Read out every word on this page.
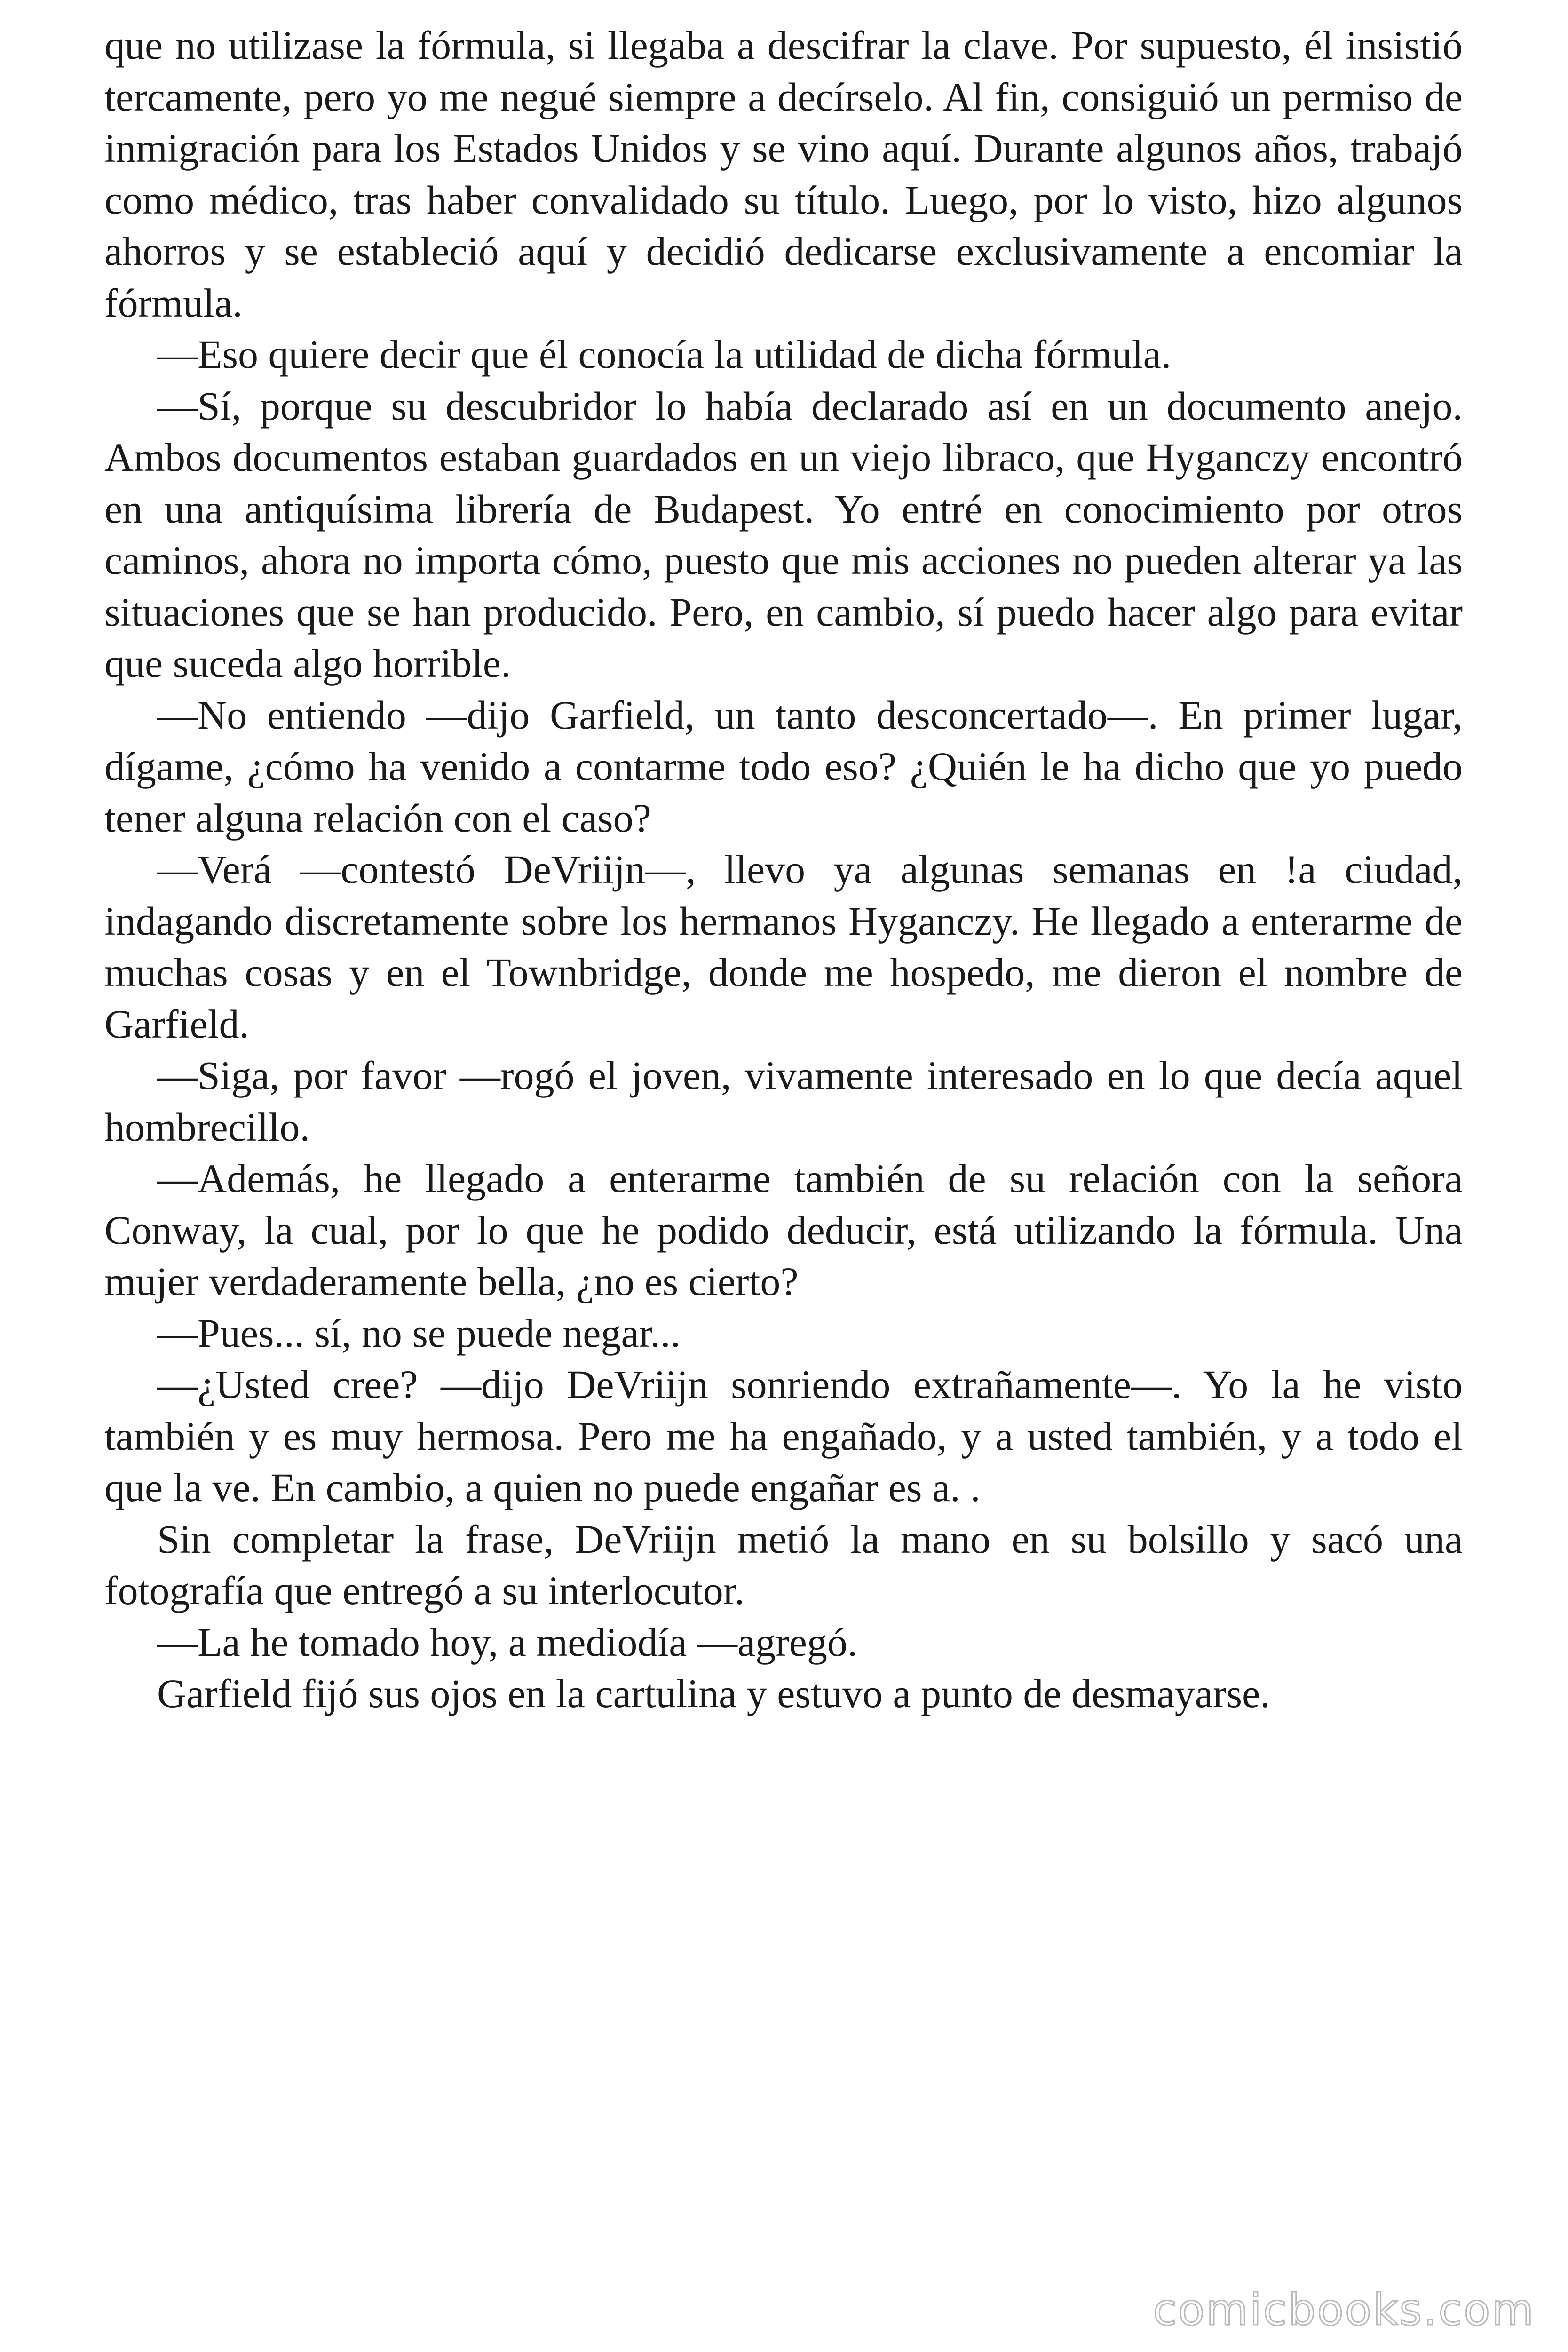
que no utilizase la fórmula, si llegaba a descifrar la clave. Por supuesto, él insistió tercamente, pero yo me negué siempre a decírselo. Al fin, consiguió un permiso de inmigración para los Estados Unidos y se vino aquí. Durante algunos años, trabajó como médico, tras haber convalidado su título. Luego, por lo visto, hizo algunos ahorros y se estableció aquí y decidió dedicarse exclusivamente a encomiar la fórmula.

—Eso quiere decir que él conocía la utilidad de dicha fórmula.

—Sí, porque su descubridor lo había declarado así en un documento anejo. Ambos documentos estaban guardados en un viejo libraco, que Hyganczy encontró en una antiquísima librería de Budapest. Yo entré en conocimiento por otros caminos, ahora no importa cómo, puesto que mis acciones no pueden alterar ya las situaciones que se han producido. Pero, en cambio, sí puedo hacer algo para evitar que suceda algo horrible.

—No entiendo —dijo Garfield, un tanto desconcertado—. En primer lugar, dígame, ¿cómo ha venido a contarme todo eso? ¿Quién le ha dicho que yo puedo tener alguna relación con el caso?

—Verá —contestó DeVriijn—, llevo ya algunas semanas en !a ciudad, indagando discretamente sobre los hermanos Hyganczy. He llegado a enterarme de muchas cosas y en el Townbridge, donde me hospedo, me dieron el nombre de Garfield.

—Siga, por favor —rogó el joven, vivamente interesado en lo que decía aquel hombrecillo.

—Además, he llegado a enterarme también de su relación con la señora Conway, la cual, por lo que he podido deducir, está utilizando la fórmula. Una mujer verdaderamente bella, ¿no es cierto?

—Pues... sí, no se puede negar...

—¿Usted cree? —dijo DeVriijn sonriendo extrañamente—. Yo la he visto también y es muy hermosa. Pero me ha engañado, y a usted también, y a todo el que la ve. En cambio, a quien no puede engañar es a. .

Sin completar la frase, DeVriijn metió la mano en su bolsillo y sacó una fotografía que entregó a su interlocutor.

—La he tomado hoy, a mediodía —agregó.

Garfield fijó sus ojos en la cartulina y estuvo a punto de desmayarse.

comicbooks.com
